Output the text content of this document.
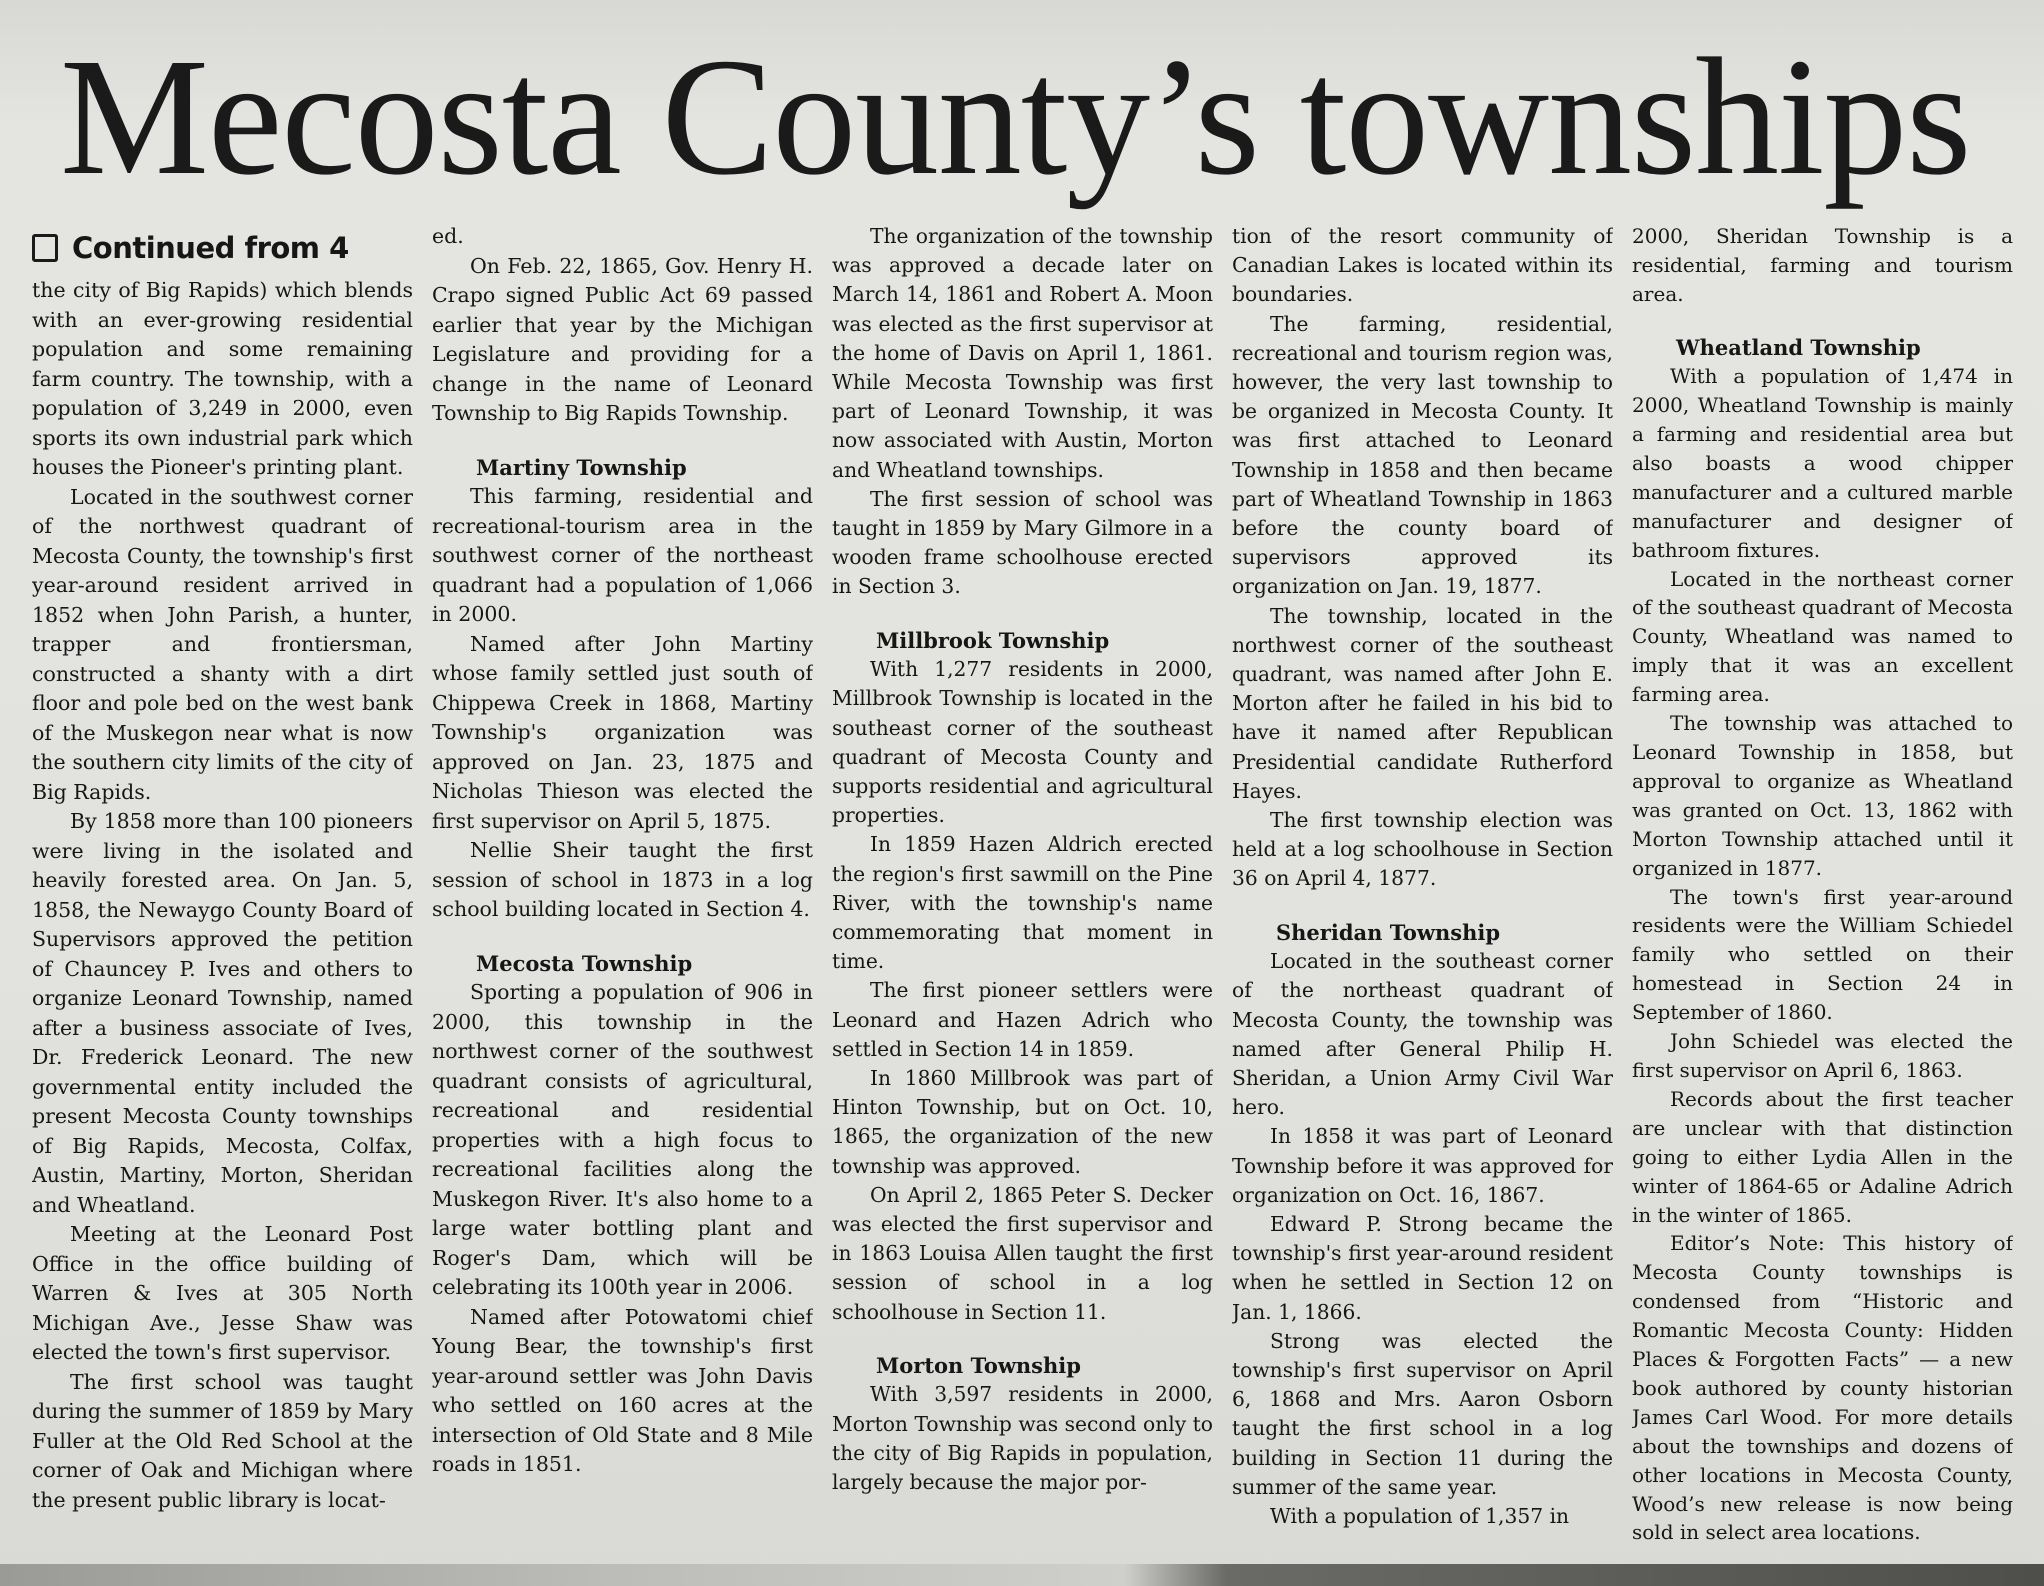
Mecosta County’s townships
Continued from 4

the city of Big Rapids) which blends with an ever-growing residential population and some remaining farm country. The township, with a population of 3,249 in 2000, even sports its own industrial park which houses the Pioneer's printing plant.

Located in the southwest corner of the northwest quadrant of Mecosta County, the township's first year-around resident arrived in 1852 when John Parish, a hunter, trapper and frontiersman, constructed a shanty with a dirt floor and pole bed on the west bank of the Muskegon near what is now the southern city limits of the city of Big Rapids.

By 1858 more than 100 pioneers were living in the isolated and heavily forested area. On Jan. 5, 1858, the Newaygo County Board of Supervisors approved the petition of Chauncey P. Ives and others to organize Leonard Township, named after a business associate of Ives, Dr. Frederick Leonard. The new governmental entity included the present Mecosta County townships of Big Rapids, Mecosta, Colfax, Austin, Martiny, Morton, Sheridan and Wheatland.

Meeting at the Leonard Post Office in the office building of Warren & Ives at 305 North Michigan Ave., Jesse Shaw was elected the town's first supervisor.

The first school was taught during the summer of 1859 by Mary Fuller at the Old Red School at the corner of Oak and Michigan where the present public library is locat-

ed.

On Feb. 22, 1865, Gov. Henry H. Crapo signed Public Act 69 passed earlier that year by the Michigan Legislature and providing for a change in the name of Leonard Township to Big Rapids Township.

Martiny Township

This farming, residential and recreational-tourism area in the southwest corner of the northeast quadrant had a population of 1,066 in 2000.

Named after John Martiny whose family settled just south of Chippewa Creek in 1868, Martiny Township's organization was approved on Jan. 23, 1875 and Nicholas Thieson was elected the first supervisor on April 5, 1875.

Nellie Sheir taught the first session of school in 1873 in a log school building located in Section 4.

Mecosta Township

Sporting a population of 906 in 2000, this township in the northwest corner of the southwest quadrant consists of agricultural, recreational and residential properties with a high focus to recreational facilities along the Muskegon River. It's also home to a large water bottling plant and Roger's Dam, which will be celebrating its 100th year in 2006.

Named after Potowatomi chief Young Bear, the township's first year-around settler was John Davis who settled on 160 acres at the intersection of Old State and 8 Mile roads in 1851.

The organization of the township was approved a decade later on March 14, 1861 and Robert A. Moon was elected as the first supervisor at the home of Davis on April 1, 1861. While Mecosta Township was first part of Leonard Township, it was now associated with Austin, Morton and Wheatland townships.

The first session of school was taught in 1859 by Mary Gilmore in a wooden frame schoolhouse erected in Section 3.

Millbrook Township

With 1,277 residents in 2000, Millbrook Township is located in the southeast corner of the southeast quadrant of Mecosta County and supports residential and agricultural properties.

In 1859 Hazen Aldrich erected the region's first sawmill on the Pine River, with the township's name commemorating that moment in time.

The first pioneer settlers were Leonard and Hazen Adrich who settled in Section 14 in 1859.

In 1860 Millbrook was part of Hinton Township, but on Oct. 10, 1865, the organization of the new township was approved.

On April 2, 1865 Peter S. Decker was elected the first supervisor and in 1863 Louisa Allen taught the first session of school in a log schoolhouse in Section 11.

Morton Township

With 3,597 residents in 2000, Morton Township was second only to the city of Big Rapids in population, largely because the major por-

tion of the resort community of Canadian Lakes is located within its boundaries.

The farming, residential, recreational and tourism region was, however, the very last township to be organized in Mecosta County. It was first attached to Leonard Township in 1858 and then became part of Wheatland Township in 1863 before the county board of supervisors approved its organization on Jan. 19, 1877.

The township, located in the northwest corner of the southeast quadrant, was named after John E. Morton after he failed in his bid to have it named after Republican Presidential candidate Rutherford Hayes.

The first township election was held at a log schoolhouse in Section 36 on April 4, 1877.

Sheridan Township

Located in the southeast corner of the northeast quadrant of Mecosta County, the township was named after General Philip H. Sheridan, a Union Army Civil War hero.

In 1858 it was part of Leonard Township before it was approved for organization on Oct. 16, 1867.

Edward P. Strong became the township's first year-around resident when he settled in Section 12 on Jan. 1, 1866.

Strong was elected the township's first supervisor on April 6, 1868 and Mrs. Aaron Osborn taught the first school in a log building in Section 11 during the summer of the same year.

With a population of 1,357 in

2000, Sheridan Township is a residential, farming and tourism area.

Wheatland Township

With a population of 1,474 in 2000, Wheatland Township is mainly a farming and residential area but also boasts a wood chipper manufacturer and a cultured marble manufacturer and designer of bathroom fixtures.

Located in the northeast corner of the southeast quadrant of Mecosta County, Wheatland was named to imply that it was an excellent farming area.

The township was attached to Leonard Township in 1858, but approval to organize as Wheatland was granted on Oct. 13, 1862 with Morton Township attached until it organized in 1877.

The town's first year-around residents were the William Schiedel family who settled on their homestead in Section 24 in September of 1860.

John Schiedel was elected the first supervisor on April 6, 1863.

Records about the first teacher are unclear with that distinction going to either Lydia Allen in the winter of 1864-65 or Adaline Adrich in the winter of 1865.

Editor’s Note: This history of Mecosta County townships is condensed from “Historic and Romantic Mecosta County: Hidden Places & Forgotten Facts” — a new book authored by county historian James Carl Wood. For more details about the townships and dozens of other locations in Mecosta County, Wood’s new release is now being sold in select area locations.
